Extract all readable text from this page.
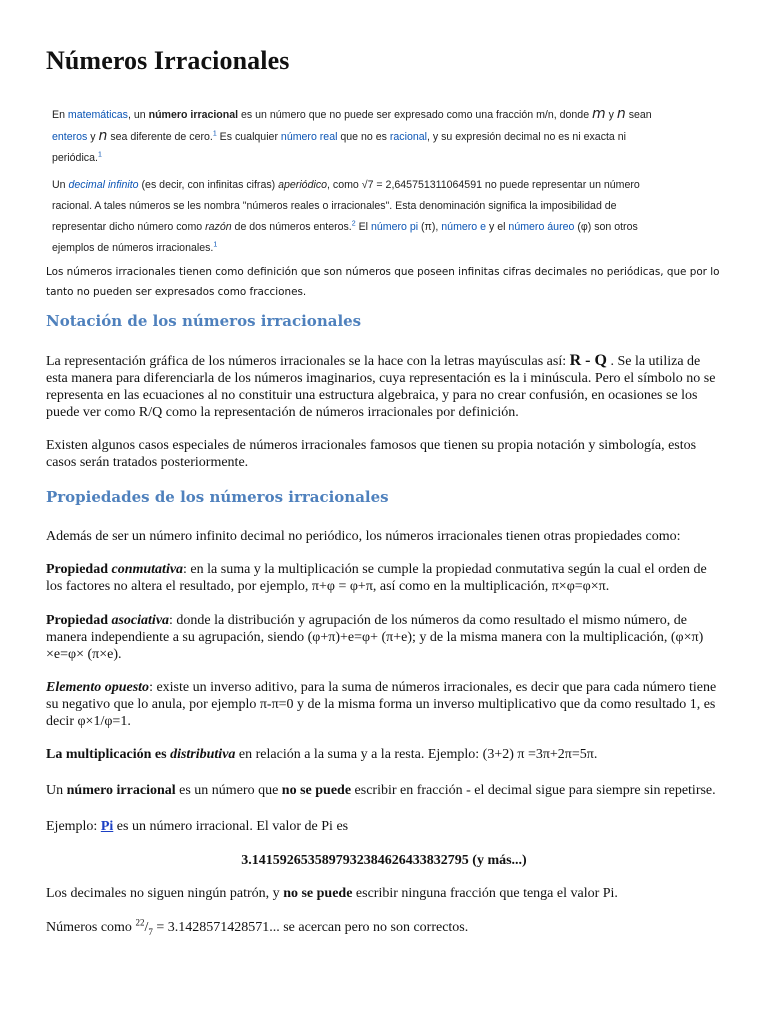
Números Irracionales

En matemáticas, un número irracional es un número que no puede ser expresado como una fracción m/n, donde m y n sean
enteros y n sea diferente de cero.$^1$ Es cualquier número real que no es racional, y su expresión decimal no es ni exacta ni periódica.$^1$

Un decimal infinito (es decir, con infinitas cifras) aperiódico, como √7 = 2,645751311064591 no puede representar un número racional. A tales números se les nombra "números reales o irracionales". Esta denominación significa la imposibilidad de representar dicho número como razón de dos números enteros.$^2$ El número pi (π), número e y el número áureo (φ) son otros ejemplos de números irracionales.$^1$

Los números irracionales tienen como definición que son números que poseen infinitas cifras decimales no periódicas, que por lo tanto no pueden ser expresados como fracciones.

Notación de los números irracionales

La representación gráfica de los números irracionales se la hace con la letras mayúsculas así: R - Q . Se la utiliza de esta manera para diferenciarla de los números imaginarios, cuya representación es la i minúscula. Pero el símbolo no se representa en las ecuaciones al no constituir una estructura algebraica, y para no crear confusión, en ocasiones se los puede ver como R/Q como la representación de números irracionales por definición.

Existen algunos casos especiales de números irracionales famosos que tienen su propia notación y simbología, estos casos serán tratados posteriormente.

Propiedades de los números irracionales

Además de ser un número infinito decimal no periódico, los números irracionales tienen otras propiedades como:

Propiedad conmutativa: en la suma y la multiplicación se cumple la propiedad conmutativa según la cual el orden de los factores no altera el resultado, por ejemplo, π+φ = φ+π, así como en la multiplicación, π×φ=φ×π.

Propiedad asociativa: donde la distribución y agrupación de los números da como resultado el mismo número, de manera independiente a su agrupación, siendo (φ+π)+e=φ+ (π+e); y de la misma manera con la multiplicación, (φ×π) ×e=φ× (π×e).

Elemento opuesto: existe un inverso aditivo, para la suma de números irracionales, es decir que para cada número tiene su negativo que lo anula, por ejemplo π-π=0 y de la misma forma un inverso multiplicativo que da como resultado 1, es decir φ×1/φ=1.

La multiplicación es distributiva en relación a la suma y a la resta. Ejemplo: (3+2) π =3π+2π=5π.

Un número irracional es un número que no se puede escribir en fracción - el decimal sigue para siempre sin repetirse.

Ejemplo: Pi es un número irracional. El valor de Pi es

3.1415926535897932384626433832795 (y más...)

Los decimales no siguen ningún patrón, y no se puede escribir ninguna fracción que tenga el valor Pi.

Números como $^{22}/_7 = 3.1428571428571$... se acercan pero no son correctos.
